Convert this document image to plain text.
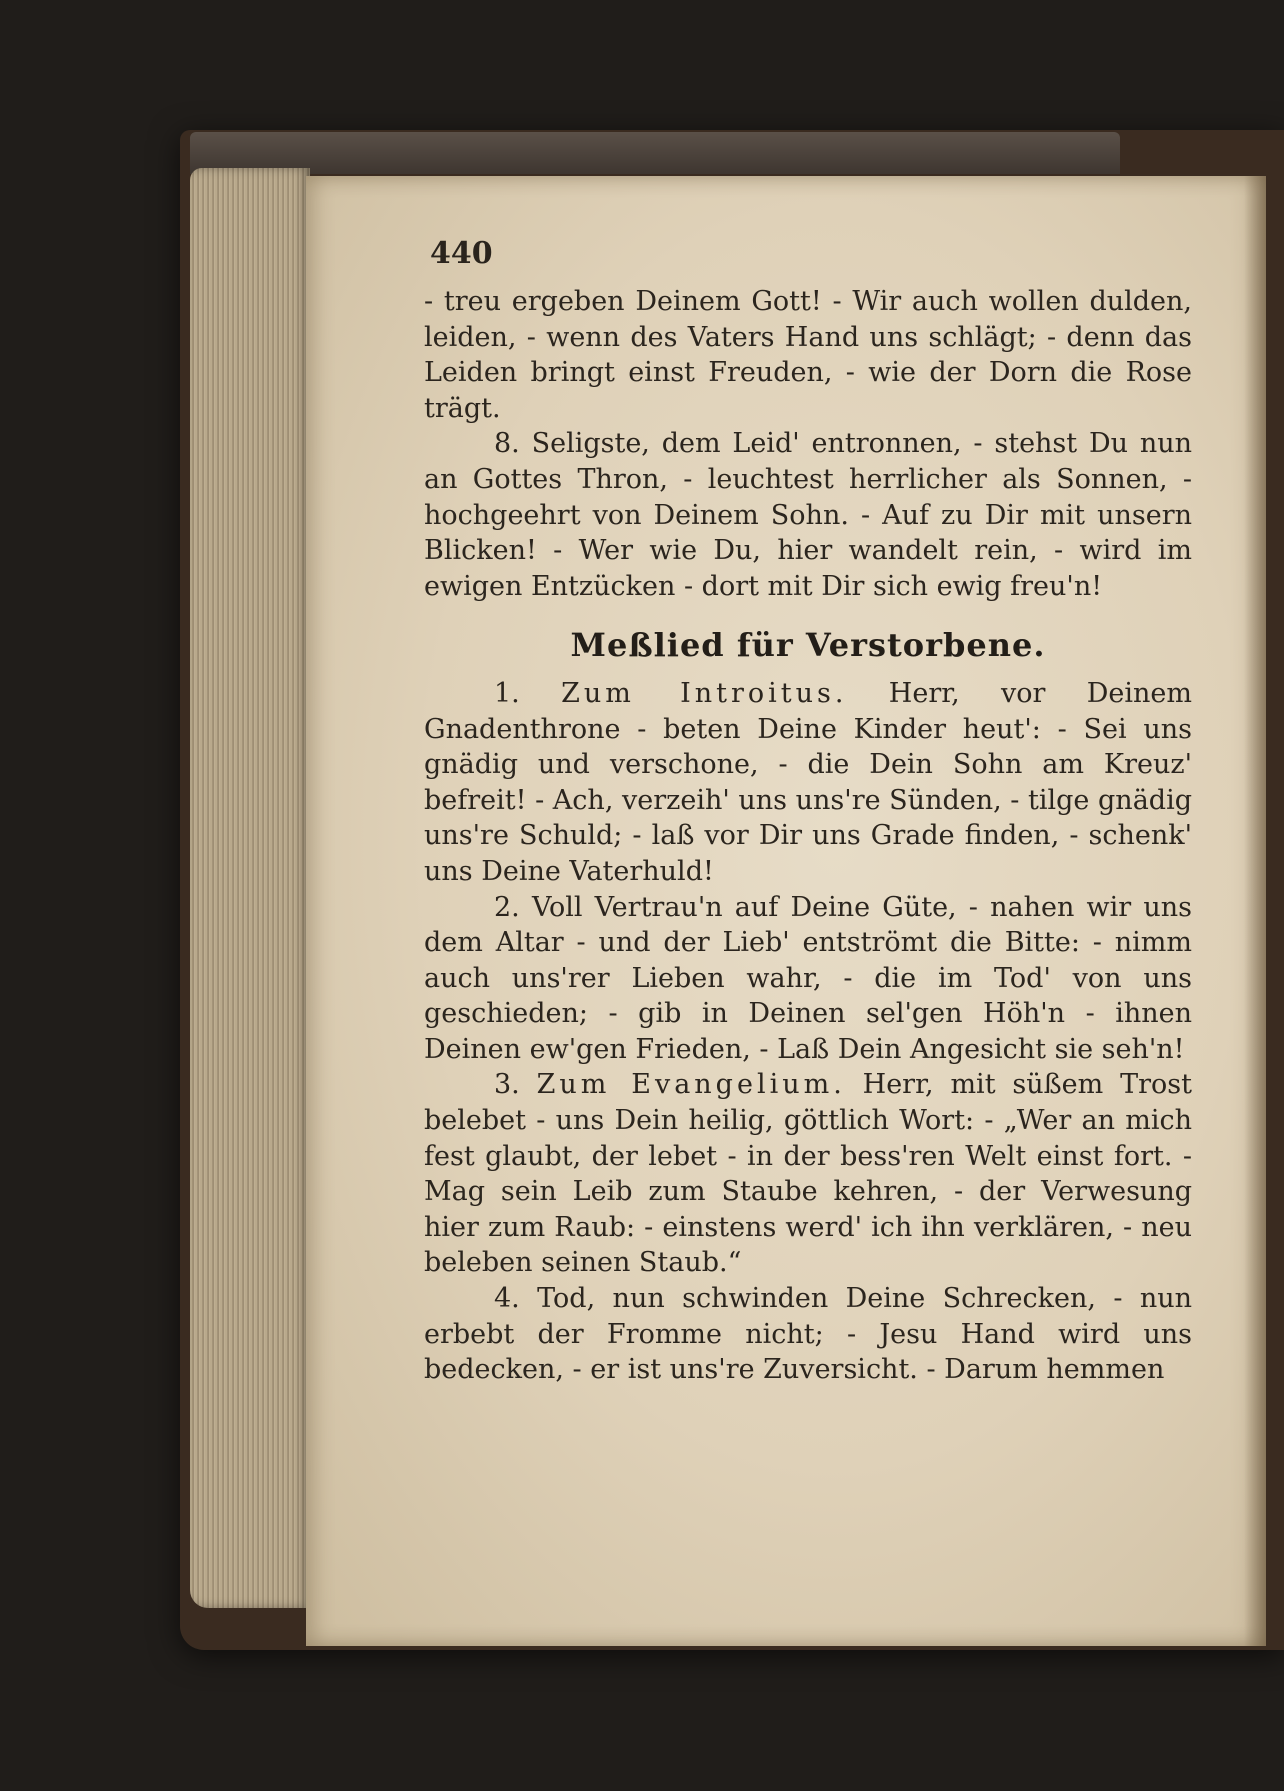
440

- treu ergeben Deinem Gott! - Wir auch wollen dulden, leiden, - wenn des Vaters Hand uns schlägt; - denn das Leiden bringt einst Freuden, - wie der Dorn die Rose trägt.

8. Seligste, dem Leid' entronnen, - stehst Du nun an Gottes Thron, - leuchtest herrlicher als Sonnen, - hochgeehrt von Deinem Sohn. - Auf zu Dir mit unsern Blicken! - Wer wie Du, hier wandelt rein, - wird im ewigen Entzücken - dort mit Dir sich ewig freu'n!

Meßlied für Verstorbene.

1. Zum Introitus. Herr, vor Deinem Gnadenthrone - beten Deine Kinder heut': - Sei uns gnädig und verschone, - die Dein Sohn am Kreuz' befreit! - Ach, verzeih' uns uns're Sünden, - tilge gnädig uns're Schuld; - laß vor Dir uns Grade finden, - schenk' uns Deine Vaterhuld!

2. Voll Vertrau'n auf Deine Güte, - nahen wir uns dem Altar - und der Lieb' entströmt die Bitte: - nimm auch uns'rer Lieben wahr, - die im Tod' von uns geschieden; - gib in Deinen sel'gen Höh'n - ihnen Deinen ew'gen Frieden, - Laß Dein Angesicht sie seh'n!

3. Zum Evangelium. Herr, mit süßem Trost belebet - uns Dein heilig, göttlich Wort: - „Wer an mich fest glaubt, der lebet - in der bess'ren Welt einst fort. - Mag sein Leib zum Staube kehren, - der Verwesung hier zum Raub: - einstens werd' ich ihn verklären, - neu beleben seinen Staub.“

4. Tod, nun schwinden Deine Schrecken, - nun erbebt der Fromme nicht; - Jesu Hand wird uns bedecken, - er ist uns're Zuversicht. - Darum hemmen
